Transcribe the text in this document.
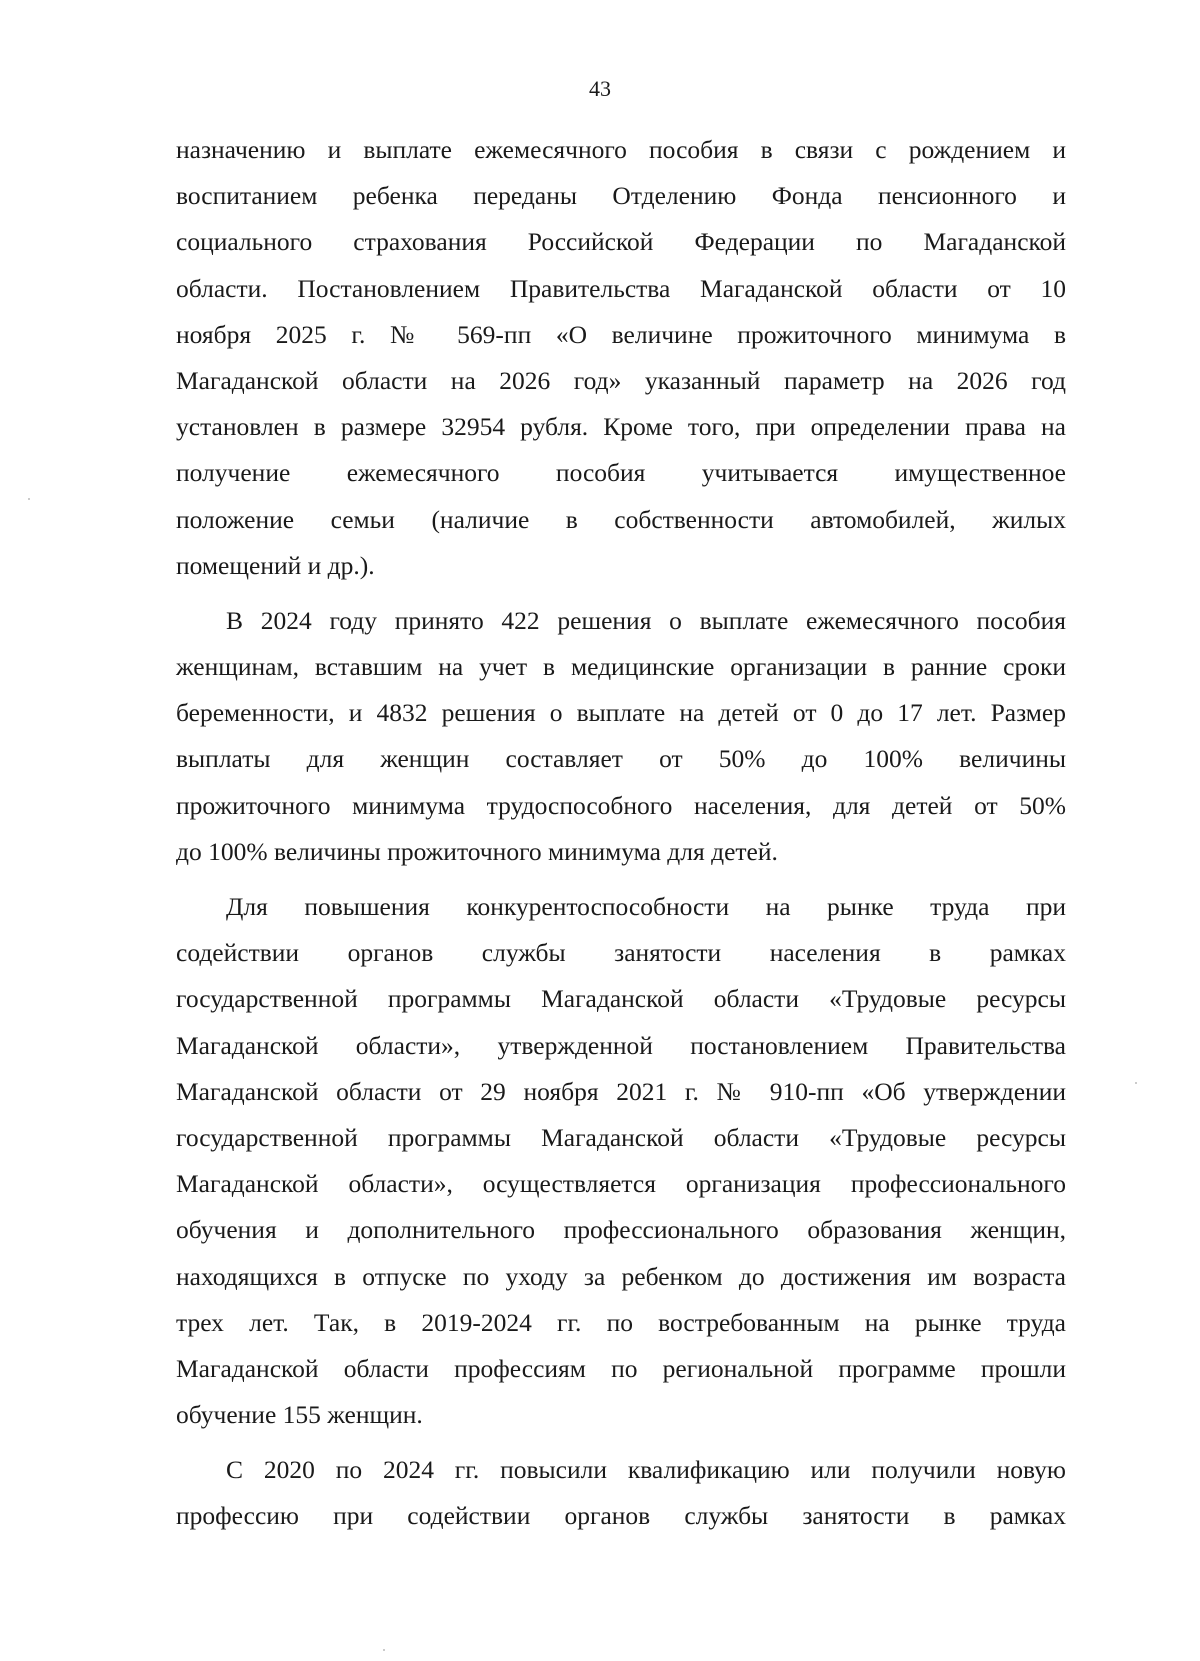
43
назначению и выплате ежемесячного пособия в связи с рождением и
воспитанием ребенка переданы Отделению Фонда пенсионного и
социального страхования Российской Федерации по Магаданской
области. Постановлением Правительства Магаданской области от 10
ноября 2025 г. № 569-пп «О величине прожиточного минимума в
Магаданской области на 2026 год» указанный параметр на 2026 год
установлен в размере 32954 рубля. Кроме того, при определении права на
получение ежемесячного пособия учитывается имущественное
положение семьи (наличие в собственности автомобилей, жилых
помещений и др.).
В 2024 году принято 422 решения о выплате ежемесячного пособия
женщинам, вставшим на учет в медицинские организации в ранние сроки
беременности, и 4832 решения о выплате на детей от 0 до 17 лет. Размер
выплаты для женщин составляет от 50% до 100% величины
прожиточного минимума трудоспособного населения, для детей от 50%
до 100% величины прожиточного минимума для детей.
Для повышения конкурентоспособности на рынке труда при
содействии органов службы занятости населения в рамках
государственной программы Магаданской области «Трудовые ресурсы
Магаданской области», утвержденной постановлением Правительства
Магаданской области от 29 ноября 2021 г. № 910-пп «Об утверждении
государственной программы Магаданской области «Трудовые ресурсы
Магаданской области», осуществляется организация профессионального
обучения и дополнительного профессионального образования женщин,
находящихся в отпуске по уходу за ребенком до достижения им возраста
трех лет. Так, в 2019-2024 гг. по востребованным на рынке труда
Магаданской области профессиям по региональной программе прошли
обучение 155 женщин.
С 2020 по 2024 гг. повысили квалификацию или получили новую
профессию при содействии органов службы занятости в рамках
